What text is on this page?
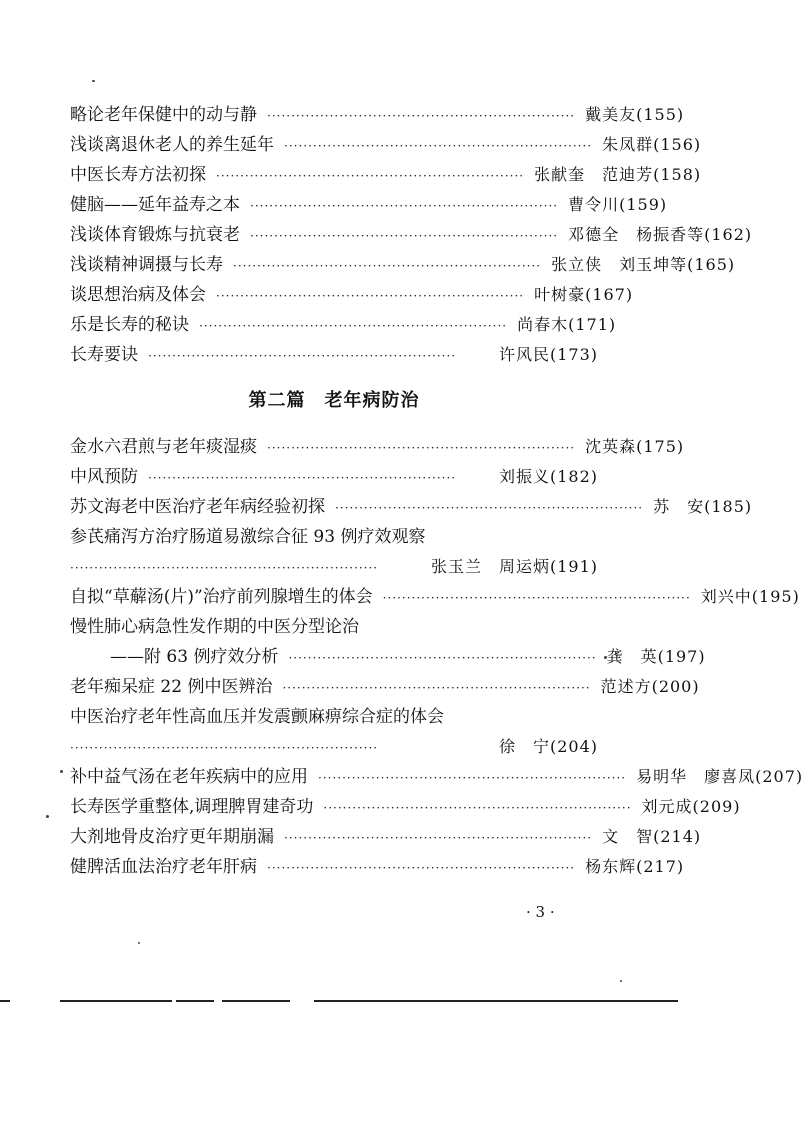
略论老年保健中的动与静 ································································ 戴美友(155)
浅谈离退休老人的养生延年 ································································ 朱凤群(156)
中医长寿方法初探 ································································ 张献奎　范迪芳(158)
健脑——延年益寿之本 ································································ 曹令川(159)
浅谈体育锻炼与抗衰老 ································································ 邓德全　杨振香等(162)
浅谈精神调摄与长寿 ································································ 张立侠　刘玉坤等(165)
谈思想治病及体会 ································································ 叶树豪(167)
乐是长寿的秘诀 ································································ 尚春木(171)
长寿要诀 ································································	许风民(173)
第二篇　老年病防治
金水六君煎与老年痰湿痰 ································································ 沈英森(175)
中风预防 ································································	刘振义(182)
苏文海老中医治疗老年病经验初探 ································································ 苏　安(185)
参芪痛泻方治疗肠道易激综合征 93 例疗效观察
································································	张玉兰　周运炳(191)
自拟“草薢汤(片)”治疗前列腺增生的体会 ································································ 刘兴中(195)
慢性肺心病急性发作期的中医分型论治
——附 63 例疗效分析 ································································ 龚　英(197)
老年痴呆症 22 例中医辨治 ································································ 范述方(200)
中医治疗老年性高血压并发震颤麻痹综合症的体会
································································	徐　宁(204)
补中益气汤在老年疾病中的应用 ································································ 易明华　廖喜凤(207)
长寿医学重整体,调理脾胃建奇功 ································································ 刘元成(209)
大剂地骨皮治疗更年期崩漏 ································································ 文　智(214)
健脾活血法治疗老年肝病 ································································ 杨东辉(217)
· 3 ·
